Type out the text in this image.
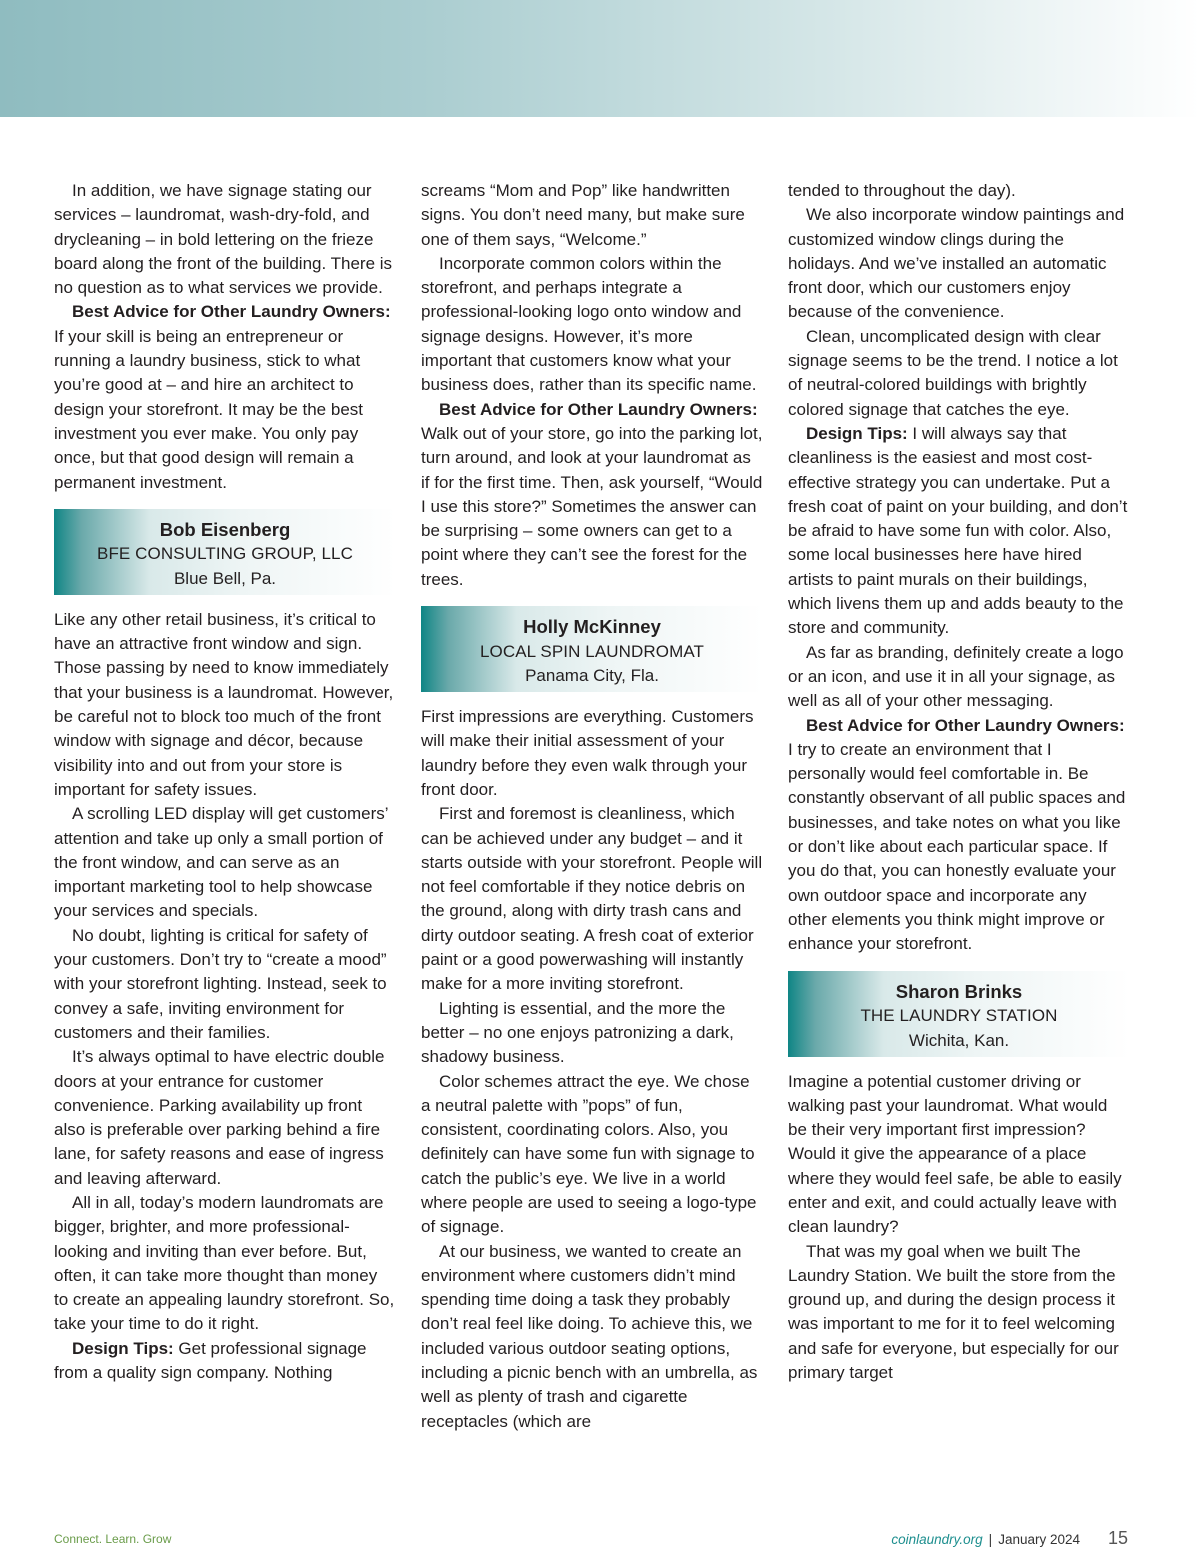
In addition, we have signage stating our services – laundromat, wash-dry-fold, and drycleaning – in bold lettering on the frieze board along the front of the building. There is no question as to what services we provide.

Best Advice for Other Laundry Owners: If your skill is being an entrepreneur or running a laundry business, stick to what you’re good at – and hire an architect to design your storefront. It may be the best investment you ever make. You only pay once, but that good design will remain a permanent investment.

Bob Eisenberg
BFE CONSULTING GROUP, LLC
Blue Bell, Pa.

Like any other retail business, it’s critical to have an attractive front window and sign. Those passing by need to know immediately that your business is a laundromat. However, be careful not to block too much of the front window with signage and décor, because visibility into and out from your store is important for safety issues.

A scrolling LED display will get customers’ attention and take up only a small portion of the front window, and can serve as an important marketing tool to help showcase your services and specials.

No doubt, lighting is critical for safety of your customers. Don’t try to “create a mood” with your storefront lighting. Instead, seek to convey a safe, inviting environment for customers and their families.

It’s always optimal to have electric double doors at your entrance for customer convenience. Parking availability up front also is preferable over parking behind a fire lane, for safety reasons and ease of ingress and leaving afterward.

All in all, today’s modern laundromats are bigger, brighter, and more professional-looking and inviting than ever before. But, often, it can take more thought than money to create an appealing laundry storefront. So, take your time to do it right.

Design Tips: Get professional signage from a quality sign company. Nothing

screams “Mom and Pop” like handwritten signs. You don’t need many, but make sure one of them says, “Welcome.”

Incorporate common colors within the storefront, and perhaps integrate a professional-looking logo onto window and signage designs. However, it’s more important that customers know what your business does, rather than its specific name.

Best Advice for Other Laundry Owners: Walk out of your store, go into the parking lot, turn around, and look at your laundromat as if for the first time. Then, ask yourself, “Would I use this store?” Sometimes the answer can be surprising – some owners can get to a point where they can’t see the forest for the trees.

Holly McKinney
LOCAL SPIN LAUNDROMAT
Panama City, Fla.

First impressions are everything. Customers will make their initial assessment of your laundry before they even walk through your front door.

First and foremost is cleanliness, which can be achieved under any budget – and it starts outside with your storefront. People will not feel comfortable if they notice debris on the ground, along with dirty trash cans and dirty outdoor seating. A fresh coat of exterior paint or a good powerwashing will instantly make for a more inviting storefront.

Lighting is essential, and the more the better – no one enjoys patronizing a dark, shadowy business.

Color schemes attract the eye. We chose a neutral palette with ”pops” of fun, consistent, coordinating colors. Also, you definitely can have some fun with signage to catch the public’s eye. We live in a world where people are used to seeing a logo-type of signage.

At our business, we wanted to create an environment where customers didn’t mind spending time doing a task they probably don’t real feel like doing. To achieve this, we included various outdoor seating options, including a picnic bench with an umbrella, as well as plenty of trash and cigarette receptacles (which are

tended to throughout the day).

We also incorporate window paintings and customized window clings during the holidays. And we’ve installed an automatic front door, which our customers enjoy because of the convenience.

Clean, uncomplicated design with clear signage seems to be the trend. I notice a lot of neutral-colored buildings with brightly colored signage that catches the eye.

Design Tips: I will always say that cleanliness is the easiest and most cost-effective strategy you can undertake. Put a fresh coat of paint on your building, and don’t be afraid to have some fun with color. Also, some local businesses here have hired artists to paint murals on their buildings, which livens them up and adds beauty to the store and community.

As far as branding, definitely create a logo or an icon, and use it in all your signage, as well as all of your other messaging.

Best Advice for Other Laundry Owners: I try to create an environment that I personally would feel comfortable in. Be constantly observant of all public spaces and businesses, and take notes on what you like or don’t like about each particular space. If you do that, you can honestly evaluate your own outdoor space and incorporate any other elements you think might improve or enhance your storefront.

Sharon Brinks
THE LAUNDRY STATION
Wichita, Kan.

Imagine a potential customer driving or walking past your laundromat. What would be their very important first impression? Would it give the appearance of a place where they would feel safe, be able to easily enter and exit, and could actually leave with clean laundry?

That was my goal when we built The Laundry Station. We built the store from the ground up, and during the design process it was important to me for it to feel welcoming and safe for everyone, but especially for our primary target

Connect. Learn. Grow	coinlaundry.org | January 2024 15
